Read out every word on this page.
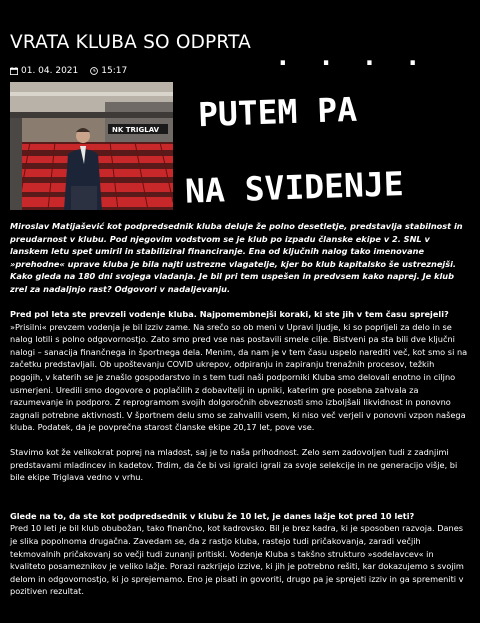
VRATA KLUBA SO ODPRTA
01. 04. 2021	15:17
NK TRIGLAV
. . . .
PUTEM PA
NA SVIDENJE

Miroslav Matijašević kot podpredsednik kluba deluje že polno desetletje, predstavlja stabilnost in preudarnost v klubu. Pod njegovim vodstvom se je klub po izpadu članske ekipe v 2. SNL v lanskem letu spet umiril in stabiliziral financiranje. Ena od ključnih nalog tako imenovane »prehodne« uprave kluba je bila najti ustrezne vlagatelje, kjer bo klub kapitalsko še ustreznejši. Kako gleda na 180 dni svojega vladanja. Je bil pri tem uspešen in predvsem kako naprej. Je klub zrel za nadaljnjo rast? Odgovori v nadaljevanju.

Pred pol leta ste prevzeli vodenje kluba. Najpomembnejši koraki, ki ste jih v tem času sprejeli?

»Prisilni« prevzem vodenja je bil izziv zame. Na srečo so ob meni v Upravi ljudje, ki so poprijeli za delo in se nalog lotili s polno odgovornostjo. Zato smo pred vse nas postavili smele cilje. Bistveni pa sta bili dve ključni nalogi – sanacija finančnega in športnega dela. Menim, da nam je v tem času uspelo narediti več, kot smo si na začetku predstavljali. Ob upoštevanju COVID ukrepov, odpiranju in zapiranju trenažnih procesov, težkih pogojih, v katerih se je znašlo gospodarstvo in s tem tudi naši podporniki Kluba smo delovali enotno in ciljno usmerjeni. Uredili smo dogovore o poplačilih z dobavitelji in upniki, katerim gre posebna zahvala za razumevanje in podporo. Z reprogramom svojih dolgoročnih obveznosti smo izboljšali likvidnost in ponovno zagnali potrebne aktivnosti. V športnem delu smo se zahvalili vsem, ki niso več verjeli v ponovni vzpon našega kluba. Podatek, da je povprečna starost članske ekipe 20,17 let, pove vse.

Stavimo kot že velikokrat poprej na mladost, saj je to naša prihodnost. Zelo sem zadovoljen tudi z zadnjimi predstavami mladincev in kadetov. Trdim, da če bi vsi igralci igrali za svoje selekcije in ne generacijo višje, bi bile ekipe Triglava vedno v vrhu.

Glede na to, da ste kot podpredsednik v klubu že 10 let, je danes lažje kot pred 10 leti?

Pred 10 leti je bil klub obubožan, tako finančno, kot kadrovsko. Bil je brez kadra, ki je sposoben razvoja. Danes je slika popolnoma drugačna. Zavedam se, da z rastjo kluba, rastejo tudi pričakovanja, zaradi večjih tekmovalnih pričakovanj so večji tudi zunanji pritiski. Vodenje Kluba s takšno strukturo »sodelavcev« in kvaliteto posameznikov je veliko lažje. Porazi razkrijejo izzive, ki jih je potrebno rešiti, kar dokazujemo s svojim delom in odgovornostjo, ki jo sprejemamo. Eno je pisati in govoriti, drugo pa je sprejeti izziv in ga spremeniti v pozitiven rezultat.
